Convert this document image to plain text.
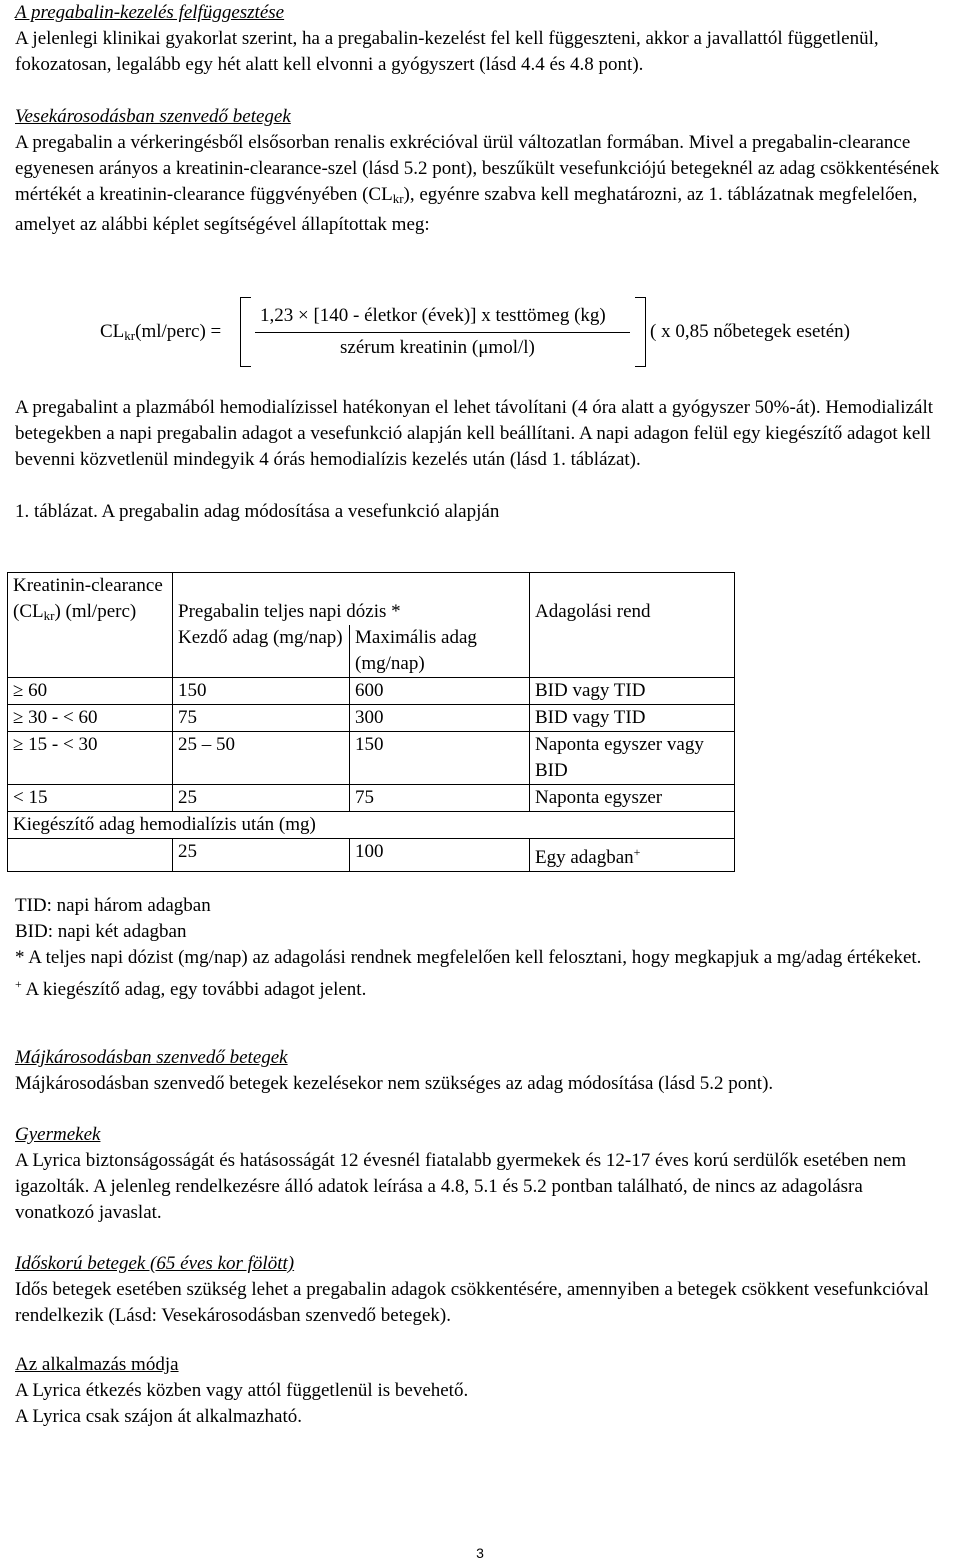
A pregabalin-kezelés felfüggesztése

A jelenlegi klinikai gyakorlat szerint, ha a pregabalin-kezelést fel kell függeszteni, akkor a javallattól függetlenül, fokozatosan, legalább egy hét alatt kell elvonni a gyógyszert (lásd 4.4 és 4.8 pont).

Vesekárosodásban szenvedő betegek

A pregabalin a vérkeringésből elsősorban renalis exkrécióval ürül változatlan formában. Mivel a pregabalin-clearance egyenesen arányos a kreatinin-clearance-szel (lásd 5.2 pont), beszűkült vesefunkciójú betegeknél az adag csökkentésének mértékét a kreatinin-clearance függvényében $(CL_{kr})$, egyénre szabva kell meghatározni, az 1. táblázatnak megfelelően, amelyet az alábbi képlet segítségével állapítottak meg:

$CL_{kr}(ml/perc)$ =
1,23 × [140 - életkor (évek)] x testtömeg (kg)
szérum kreatinin (μmol/l)
( x 0,85 nőbetegek esetén)

A pregabalint a plazmából hemodialízissel hatékonyan el lehet távolítani (4 óra alatt a gyógyszer 50%-át). Hemodializált betegekben a napi pregabalin adagot a vesefunkció alapján kell beállítani. A napi adagon felül egy kiegészítő adagot kell bevenni közvetlenül mindegyik 4 órás hemodialízis kezelés után (lásd 1. táblázat).

1. táblázat. A pregabalin adag módosítása a vesefunkció alapján

Kreatinin-clearance $(CL_{kr})$ (ml/perc)	Pregabalin teljes napi dózis *		Adagolási rend
	Kezdő adag (mg/nap)	Maximális adag (mg/nap)	
≥ 60	150	600	BID vagy TID
≥ 30 - < 60	75	300	BID vagy TID
≥ 15 - < 30	25 – 50	150	Naponta egyszer vagy BID
< 15	25	75	Naponta egyszer
Kiegészítő adag hemodialízis után (mg)			
	25	100	Egy adagban+

TID: napi három adagban

BID: napi két adagban

* A teljes napi dózist (mg/nap) az adagolási rendnek megfelelően kell felosztani, hogy megkapjuk a mg/adag értékeket.

+ A kiegészítő adag, egy további adagot jelent.

Májkárosodásban szenvedő betegek

Májkárosodásban szenvedő betegek kezelésekor nem szükséges az adag módosítása (lásd 5.2 pont).

Gyermekek

A Lyrica biztonságosságát és hatásosságát 12 évesnél fiatalabb gyermekek és 12-17 éves korú serdülők esetében nem igazolták. A jelenleg rendelkezésre álló adatok leírása a 4.8, 5.1 és 5.2 pontban található, de nincs az adagolásra vonatkozó javaslat.

Időskorú betegek (65 éves kor fölött)

Idős betegek esetében szükség lehet a pregabalin adagok csökkentésére, amennyiben a betegek csökkent vesefunkcióval rendelkezik (Lásd: Vesekárosodásban szenvedő betegek).

Az alkalmazás módja

A Lyrica étkezés közben vagy attól függetlenül is bevehető.

A Lyrica csak szájon át alkalmazható.

3
